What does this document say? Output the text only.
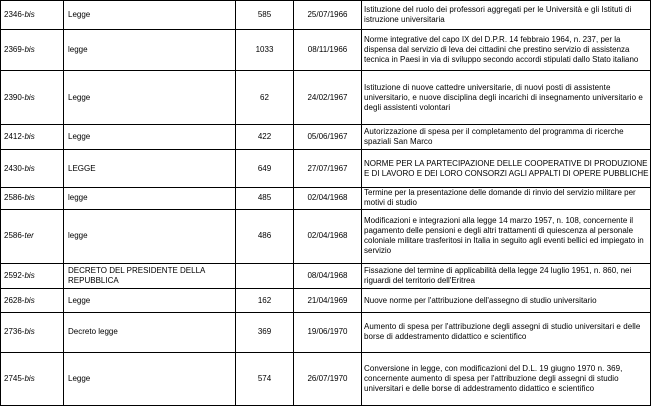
2346-bis	Legge	585	25/07/1966	Istituzione del ruolo dei professori aggregati per le Università e gli Istituti di istruzione universitaria
2369-bis	legge	1033	08/11/1966	Norme integrative del capo IX del D.P.R. 14 febbraio 1964, n. 237, per la dispensa dal servizio di leva dei cittadini che prestino servizio di assistenza tecnica in Paesi in via di sviluppo secondo accordi stipulati dallo Stato italiano
2390-bis	Legge	62	24/02/1967	Istituzione di nuove cattedre universitarie, di nuovi posti di assistente universitario, e nuove disciplina degli incarichi di insegnamento universitario e degli assistenti volontari
2412-bis	Legge	422	05/06/1967	Autorizzazione di spesa per il completamento del programma di ricerche spaziali San Marco
2430-bis	LEGGE	649	27/07/1967	NORME PER LA PARTECIPAZIONE DELLE COOPERATIVE DI PRODUZIONE E DI LAVORO E DEI LORO CONSORZI AGLI APPALTI DI OPERE PUBBLICHE
2586-bis	legge	485	02/04/1968	Termine per la presentazione delle domande di rinvio del servizio militare per motivi di studio
2586-ter	legge	486	02/04/1968	Modificazioni e integrazioni alla legge 14 marzo 1957, n. 108, concernente il pagamento delle pensioni e degli altri trattamenti di quiescenza al personale coloniale militare trasferitosi in Italia in seguito agli eventi bellici ed impiegato in servizio
2592-bis	DECRETO DEL PRESIDENTE DELLA REPUBBLICA		08/04/1968	Fissazione del termine di applicabilità della legge 24 luglio 1951, n. 860, nei riguardi del territorio dell'Eritrea
2628-bis	Legge	162	21/04/1969	Nuove norme per l'attribuzione dell'assegno di studio universitario
2736-bis	Decreto legge	369	19/06/1970	Aumento di spesa per l'attribuzione degli assegni di studio universitari e delle borse di addestramento didattico e scientifico
2745-bis	Legge	574	26/07/1970	Conversione in legge, con modificazioni del D.L. 19 giugno 1970 n. 369, concernente aumento di spesa per l'attribuzione degli assegni di studio universitari e delle borse di addestramento didattico e scientifico
